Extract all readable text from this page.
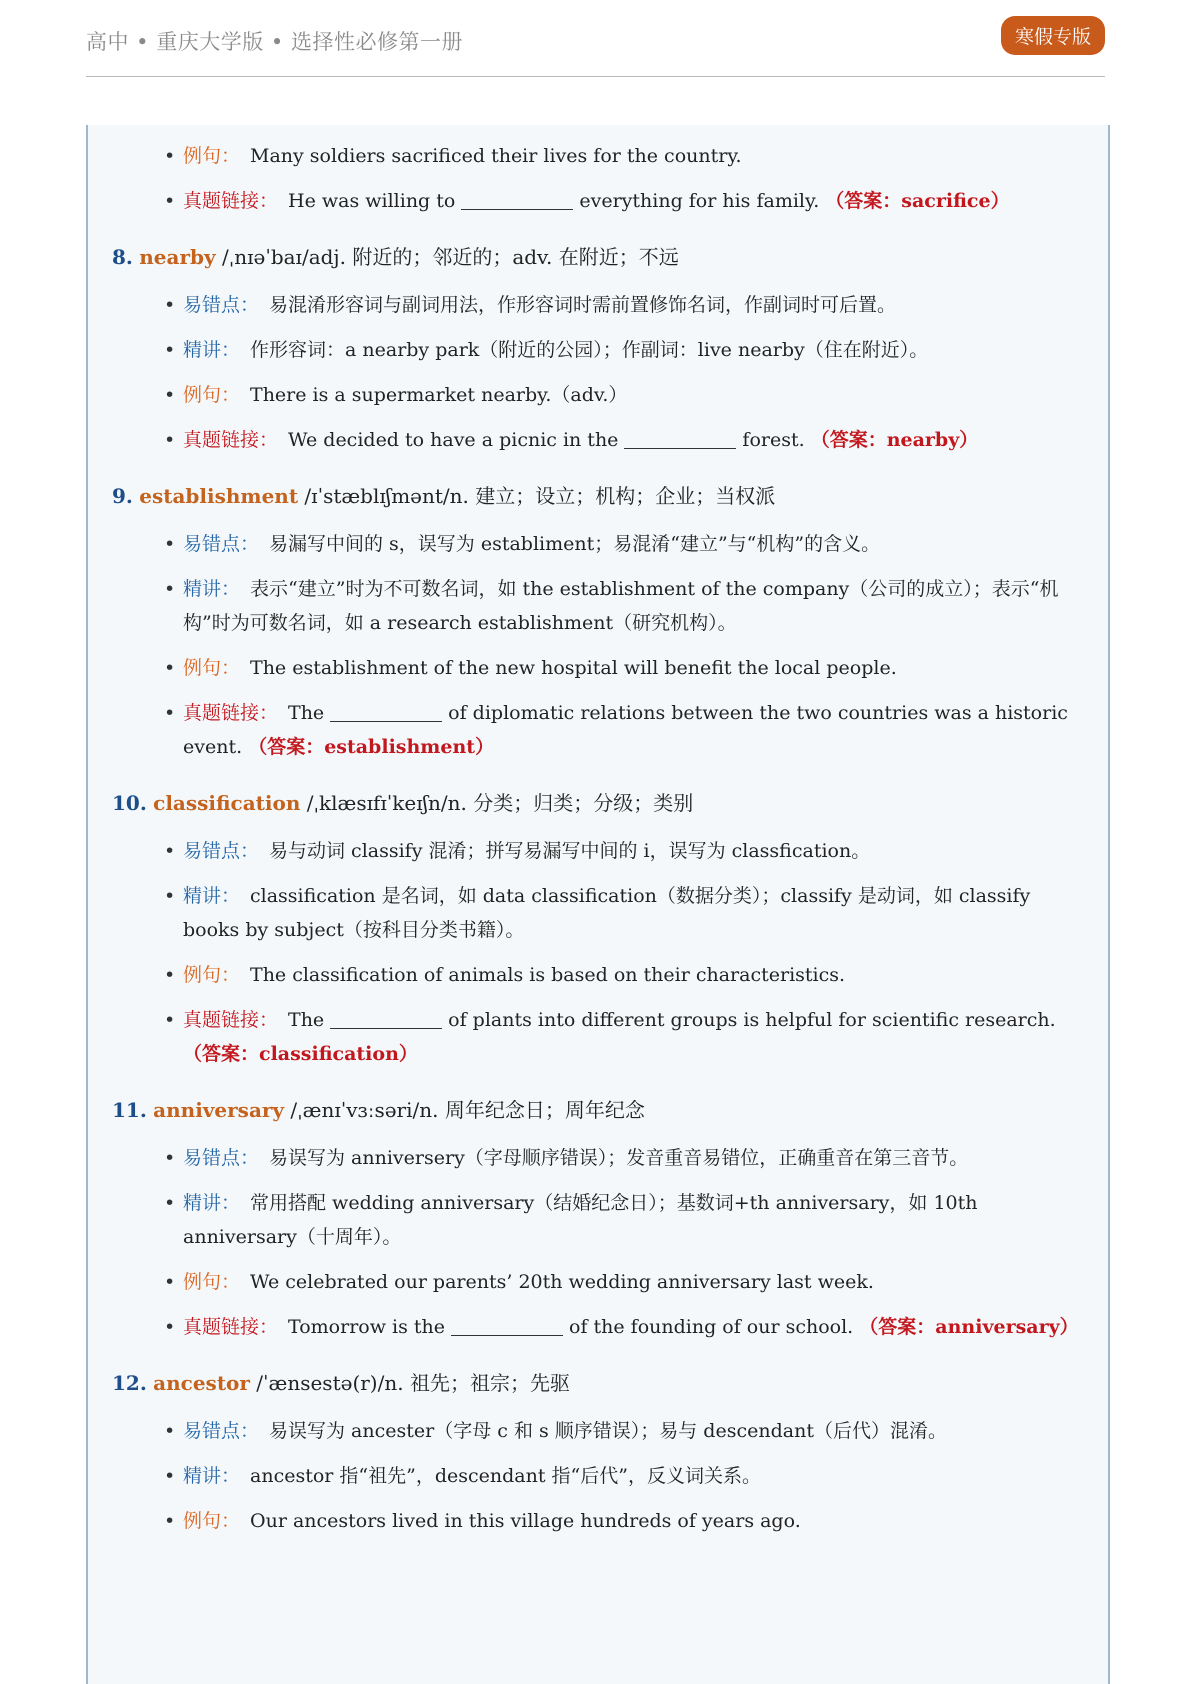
高中 • 重庆大学版 • 选择性必修第一册	寒假专版
• 例句： Many soldiers sacrificed their lives for the country.
• 真题链接： He was willing to	everything for his family. （答案：sacrifice）
8. nearby /ˌnɪəˈbaɪ/adj. 附近的；邻近的；adv. 在附近；不远
• 易错点： 易混淆形容词与副词用法，作形容词时需前置修饰名词，作副词时可后置。
• 精讲： 作形容词：a nearby park（附近的公园）；作副词：live nearby（住在附近）。
• 例句： There is a supermarket nearby.（adv.）
• 真题链接： We decided to have a picnic in the	forest. （答案：nearby）
9. establishment /ɪˈstæblɪʃmənt/n. 建立；设立；机构；企业；当权派
• 易错点： 易漏写中间的 s，误写为 establiment；易混淆“建立”与“机构”的含义。
• 精讲： 表示“建立”时为不可数名词，如 the establishment of the company（公司的成立）；表示“机构”时为可数名词，如 a research establishment（研究机构）。
• 例句： The establishment of the new hospital will benefit the local people.
• 真题链接： The	of diplomatic relations between the two countries was a historic event. （答案：establishment）
10. classification /ˌklæsɪfɪˈkeɪʃn/n. 分类；归类；分级；类别
• 易错点： 易与动词 classify 混淆；拼写易漏写中间的 i，误写为 classfication。
• 精讲： classification 是名词，如 data classification（数据分类）；classify 是动词，如 classify books by subject（按科目分类书籍）。
• 例句： The classification of animals is based on their characteristics.
• 真题链接： The	of plants into different groups is helpful for scientific research. （答案：classification）
11. anniversary /ˌænɪˈvɜːsəri/n. 周年纪念日；周年纪念
• 易错点： 易误写为 anniversery（字母顺序错误）；发音重音易错位，正确重音在第三音节。
• 精讲： 常用搭配 wedding anniversary（结婚纪念日）；基数词+th anniversary，如 10th anniversary（十周年）。
• 例句： We celebrated our parents’ 20th wedding anniversary last week.
• 真题链接： Tomorrow is the	of the founding of our school. （答案：anniversary）
12. ancestor /ˈænsestə(r)/n. 祖先；祖宗；先驱
• 易错点： 易误写为 ancester（字母 c 和 s 顺序错误）；易与 descendant（后代）混淆。
• 精讲： ancestor 指“祖先”，descendant 指“后代”，反义词关系。
• 例句： Our ancestors lived in this village hundreds of years ago.
